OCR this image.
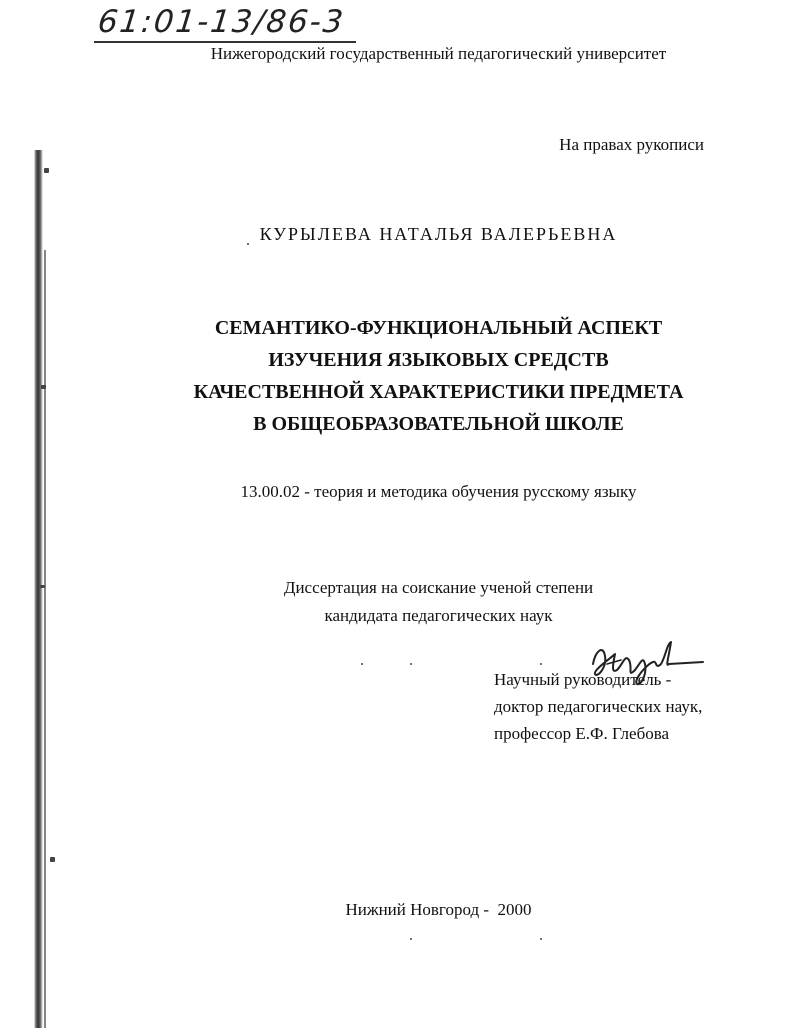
61:01-13/86-3
Нижегородский государственный педагогический университет
На правах рукописи
КУРЫЛЕВА НАТАЛЬЯ ВАЛЕРЬЕВНА
СЕМАНТИКО-ФУНКЦИОНАЛЬНЫЙ АСПЕКТ
ИЗУЧЕНИЯ ЯЗЫКОВЫХ СРЕДСТВ
КАЧЕСТВЕННОЙ ХАРАКТЕРИСТИКИ ПРЕДМЕТА
В ОБЩЕОБРАЗОВАТЕЛЬНОЙ ШКОЛЕ
13.00.02 - теория и методика обучения русскому языку
Диссертация на соискание ученой степени
кандидата педагогических наук
Научный руководитель -
доктор педагогических наук,
профессор Е.Ф. Глебова
Нижний Новгород -  2000
